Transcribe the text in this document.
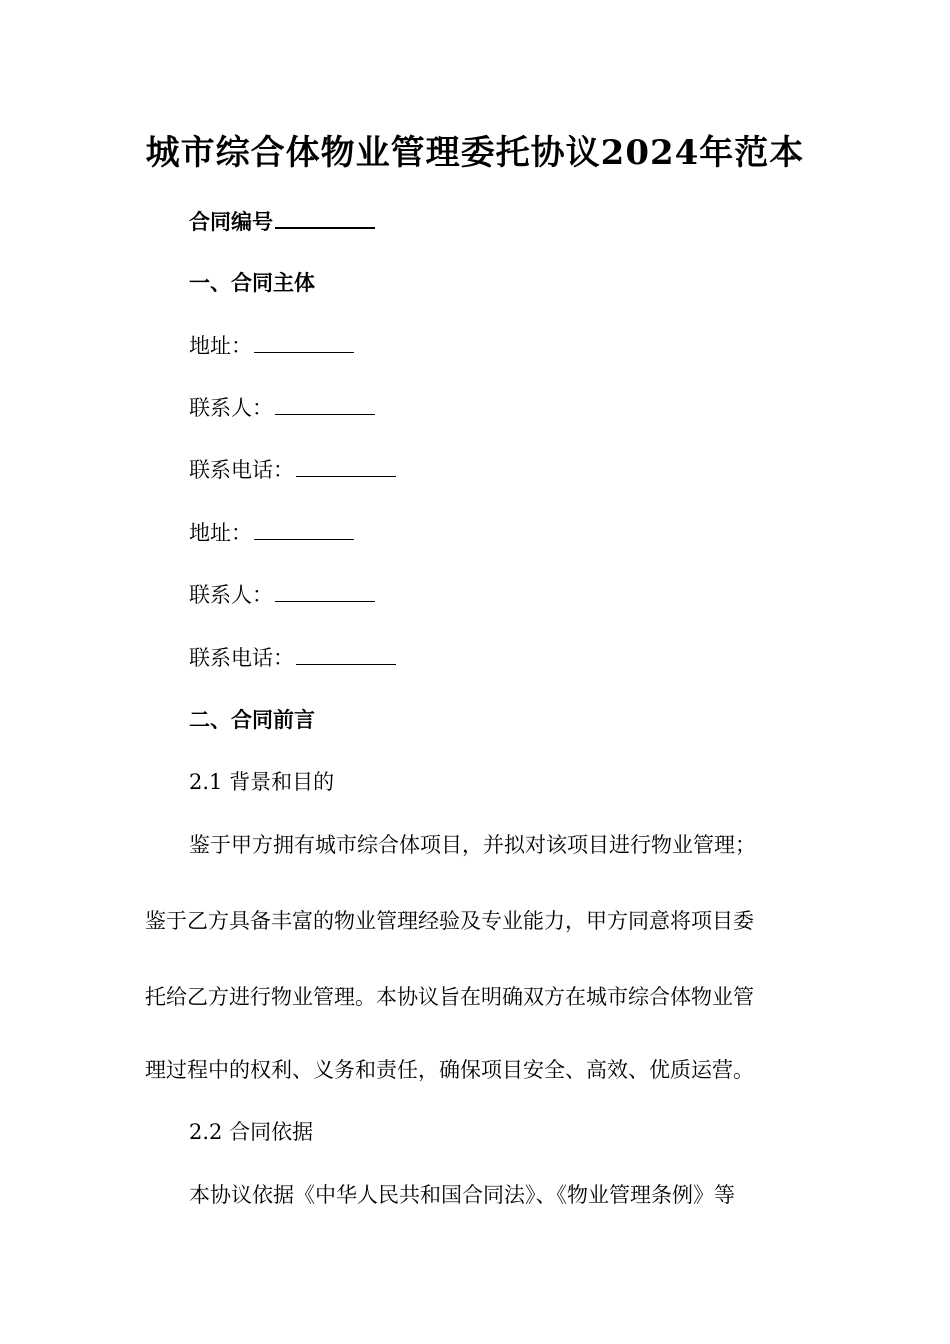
城市综合体物业管理委托协议2024年范本
合同编号
一、合同主体
地址：
联系人：
联系电话：
地址：
联系人：
联系电话：
二、合同前言
2.1 背景和目的
鉴于甲方拥有城市综合体项目，并拟对该项目进行物业管理；
鉴于乙方具备丰富的物业管理经验及专业能力，甲方同意将项目委
托给乙方进行物业管理。本协议旨在明确双方在城市综合体物业管
理过程中的权利、义务和责任，确保项目安全、高效、优质运营。
2.2 合同依据
本协议依据《中华人民共和国合同法》、《物业管理条例》等
